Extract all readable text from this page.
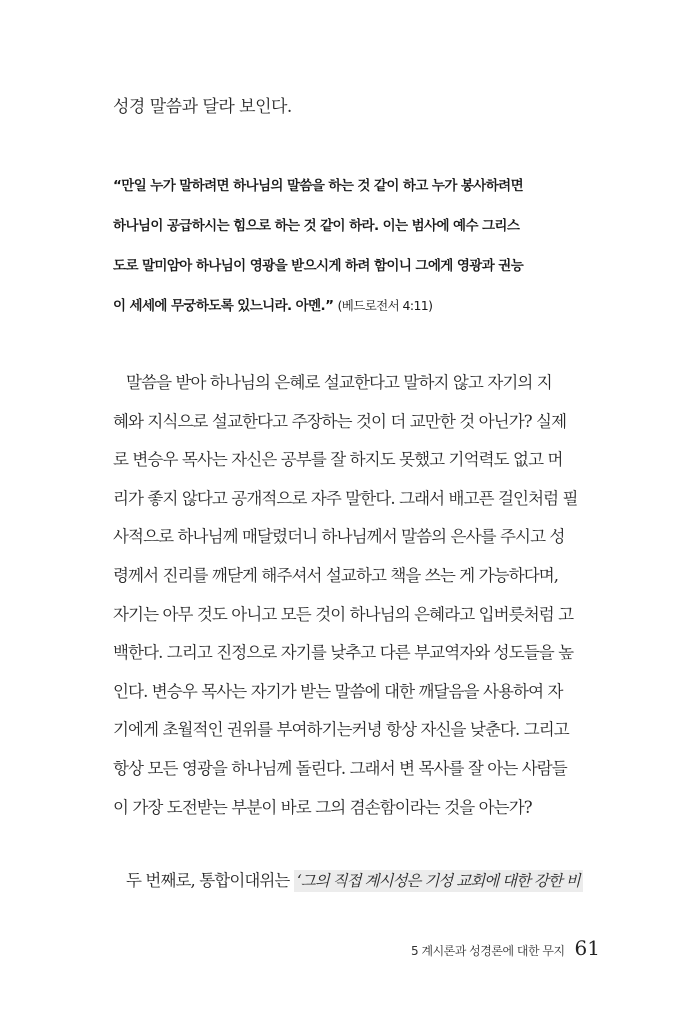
성경 말씀과 달라 보인다.
“만일 누가 말하려면 하나님의 말씀을 하는 것 같이 하고 누가 봉사하려면
하나님이 공급하시는 힘으로 하는 것 같이 하라. 이는 범사에 예수 그리스
도로 말미암아 하나님이 영광을 받으시게 하려 함이니 그에게 영광과 권능
이 세세에 무궁하도록 있느니라. 아멘.” (베드로전서 4:11)
말씀을 받아 하나님의 은혜로 설교한다고 말하지 않고 자기의 지
혜와 지식으로 설교한다고 주장하는 것이 더 교만한 것 아닌가? 실제
로 변승우 목사는 자신은 공부를 잘 하지도 못했고 기억력도 없고 머
리가 좋지 않다고 공개적으로 자주 말한다. 그래서 배고픈 걸인처럼 필
사적으로 하나님께 매달렸더니 하나님께서 말씀의 은사를 주시고 성
령께서 진리를 깨닫게 해주셔서 설교하고 책을 쓰는 게 가능하다며,
자기는 아무 것도 아니고 모든 것이 하나님의 은혜라고 입버릇처럼 고
백한다. 그리고 진정으로 자기를 낮추고 다른 부교역자와 성도들을 높
인다. 변승우 목사는 자기가 받는 말씀에 대한 깨달음을 사용하여 자
기에게 초월적인 권위를 부여하기는커녕 항상 자신을 낮춘다. 그리고
항상 모든 영광을 하나님께 돌린다. 그래서 변 목사를 잘 아는 사람들
이 가장 도전받는 부분이 바로 그의 겸손함이라는 것을 아는가?
두 번째로, 통합이대위는 ‘그의 직접 계시성은 기성 교회에 대한 강한 비
5 계시론과 성경론에 대한 무지 61
